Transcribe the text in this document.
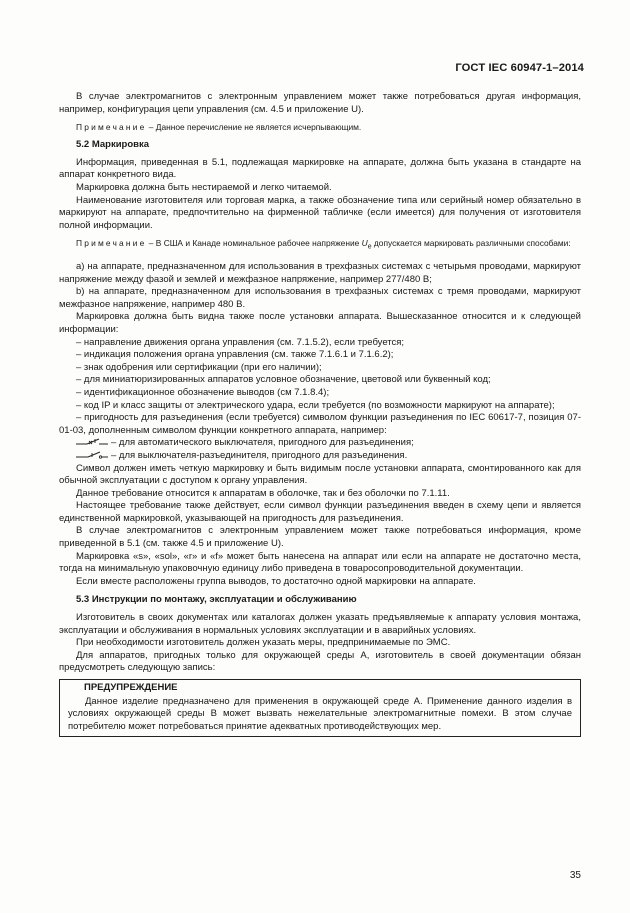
ГОСТ IEC 60947-1–2014

В случае электромагнитов с электронным управлением может также потребоваться другая информация, например, конфигурация цепи управления (см. 4.5 и приложение U).

Примечание – Данное перечисление не является исчерпывающим.

5.2 Маркировка

Информация, приведенная в 5.1, подлежащая маркировке на аппарате, должна быть указана в стандарте на аппарат конкретного вида.

Маркировка должна быть нестираемой и легко читаемой.

Наименование изготовителя или торговая марка, а также обозначение типа или серийный номер обязательно в маркируют на аппарате, предпочтительно на фирменной табличке (если имеется) для получения от изготовителя полной информации.

Примечание – В США и Канаде номинальное рабочее напряжение $U_e$ допускается маркировать различными способами:

a) на аппарате, предназначенном для использования в трехфазных системах с четырьмя проводами, маркируют напряжение между фазой и землей и межфазное напряжение, например 277/480 В;

b) на аппарате, предназначенном для использования в трехфазных системах с тремя проводами, маркируют межфазное напряжение, например 480 В.

Маркировка должна быть видна также после установки аппарата. Вышесказанное относится и к следующей информации:

– направление движения органа управления (см. 7.1.5.2), если требуется;

– индикация положения органа управления (см. также 7.1.6.1 и 7.1.6.2);

– знак одобрения или сертификации (при его наличии);

– для миниатюризированных аппаратов условное обозначение, цветовой или буквенный код;

– идентификационное обозначение выводов (см 7.1.8.4);

– код IP и класс защиты от электрического удара, если требуется (по возможности маркируют на аппарате);

– пригодность для разъединения (если требуется) символом функции разъединения по IEC 60617-7, позиция 07-01-03, дополненным символом функции конкретного аппарата, например:

– для автоматического выключателя, пригодного для разъединения;

– для выключателя-разъединителя, пригодного для разъединения.

Символ должен иметь четкую маркировку и быть видимым после установки аппарата, смонтированного как для обычной эксплуатации с доступом к органу управления.

Данное требование относится к аппаратам в оболочке, так и без оболочки по 7.1.11.

Настоящее требование также действует, если символ функции разъединения введен в схему цепи и является единственной маркировкой, указывающей на пригодность для разъединения.

В случае электромагнитов с электронным управлением может также потребоваться информация, кроме приведенной в 5.1 (см. также 4.5 и приложение U).

Маркировка «s», «sol», «r» и «f» может быть нанесена на аппарат или если на аппарате не достаточно места, тогда на минимальную упаковочную единицу либо приведена в товаросопроводительной документации.

Если вместе расположены группа выводов, то достаточно одной маркировки на аппарате.

5.3 Инструкции по монтажу, эксплуатации и обслуживанию

Изготовитель в своих документах или каталогах должен указать предъявляемые к аппарату условия монтажа, эксплуатации и обслуживания в нормальных условиях эксплуатации и в аварийных условиях.

При необходимости изготовитель должен указать меры, предпринимаемые по ЭМС.

Для аппаратов, пригодных только для окружающей среды A, изготовитель в своей документации обязан предусмотреть следующую запись:

ПРЕДУПРЕЖДЕНИЕ

Данное изделие предназначено для применения в окружающей среде A. Применение данного изделия в условиях окружающей среды B может вызвать нежелательные электромагнитные помехи. В этом случае потребителю может потребоваться принятие адекватных противодействующих мер.

35
